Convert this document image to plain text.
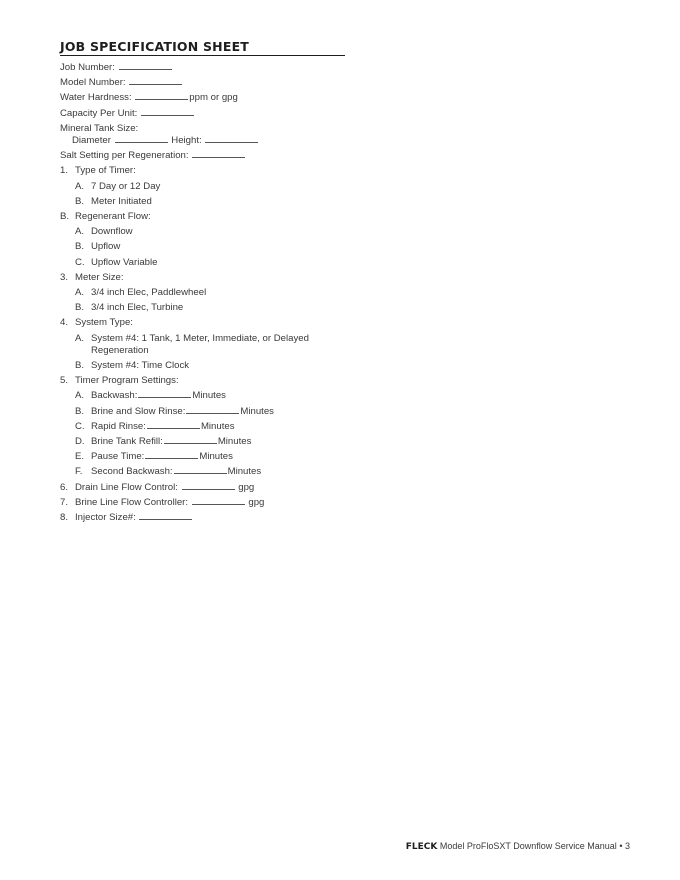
JOB SPECIFICATION SHEET
Job Number:
Model Number:
Water Hardness:	ppm or gpg
Capacity Per Unit:
Mineral Tank Size:
Diameter	Height:
Salt Setting per Regeneration:
1. Type of Timer:
A. 7 Day or 12 Day
B. Meter Initiated
B. Regenerant Flow:
A. Downflow
B. Upflow
C. Upflow Variable
3. Meter Size:
A. 3/4 inch Elec, Paddlewheel
B. 3/4 inch Elec, Turbine
4. System Type:
A. System #4: 1 Tank, 1 Meter, Immediate, or Delayed
Regeneration
B. System #4: Time Clock
5. Timer Program Settings:
A. Backwash:	Minutes
B. Brine and Slow Rinse:	Minutes
C. Rapid Rinse:	Minutes
D. Brine Tank Refill:	Minutes
E. Pause Time:	Minutes
F. Second Backwash:	Minutes
6. Drain Line Flow Control:	gpg
7. Brine Line Flow Controller:	gpg
8. Injector Size#:
FLECK Model ProFloSXT Downflow Service Manual • 3
